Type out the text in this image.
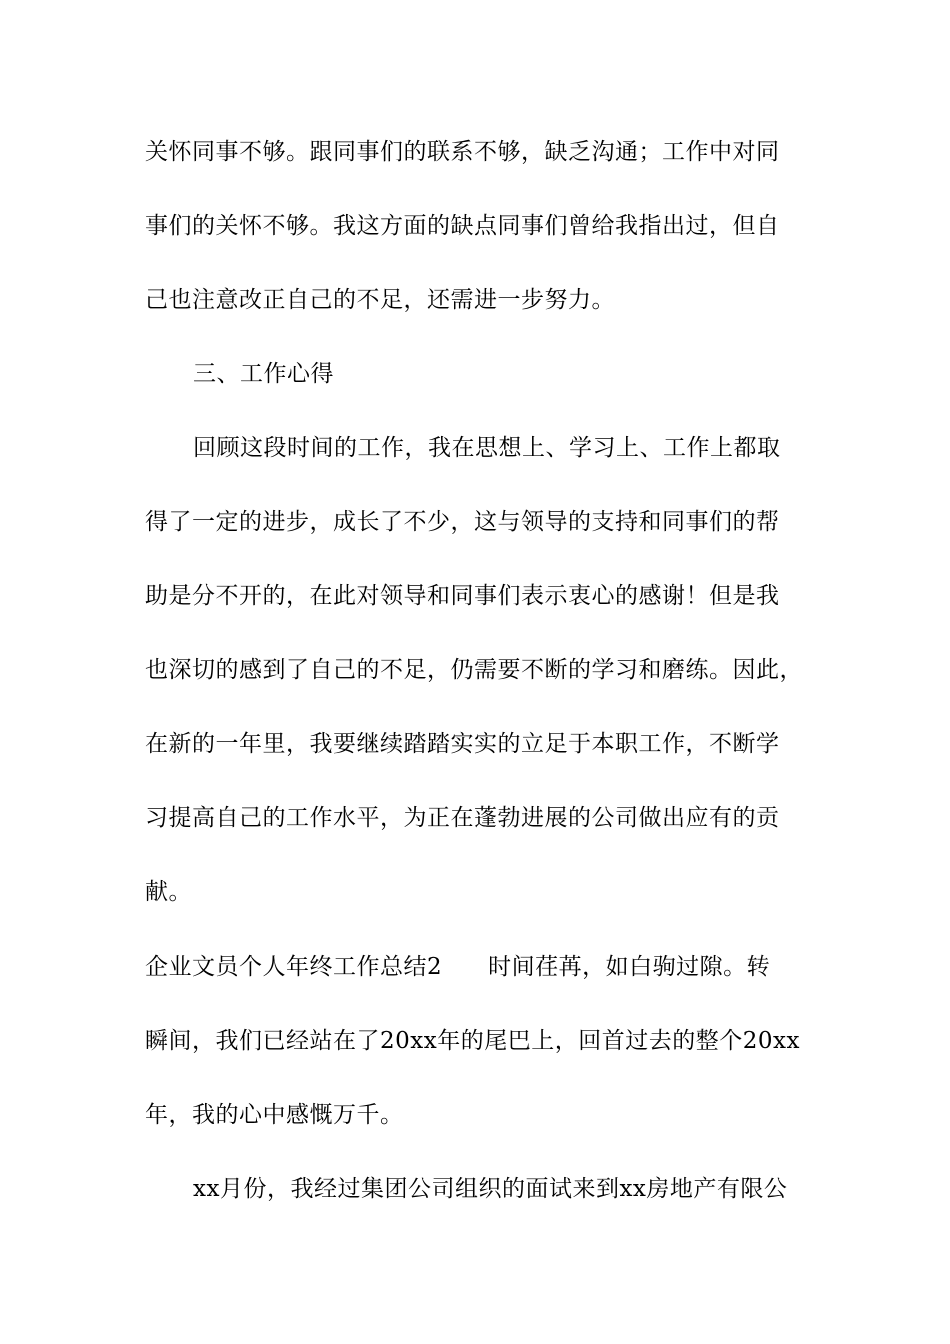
关怀同事不够。跟同事们的联系不够，缺乏沟通；工作中对同
事们的关怀不够。我这方面的缺点同事们曾给我指出过，但自
己也注意改正自己的不足，还需进一步努力。
三、工作心得
回顾这段时间的工作，我在思想上、学习上、工作上都取
得了一定的进步，成长了不少，这与领导的支持和同事们的帮
助是分不开的，在此对领导和同事们表示衷心的感谢！但是我
也深切的感到了自己的不足，仍需要不断的学习和磨练。因此，
在新的一年里，我要继续踏踏实实的立足于本职工作，不断学
习提高自己的工作水平，为正在蓬勃进展的公司做出应有的贡
献。
企业文员个人年终工作总结2 时间荏苒，如白驹过隙。转
瞬间，我们已经站在了20xx年的尾巴上，回首过去的整个20xx
年，我的心中感慨万千。
xx月份，我经过集团公司组织的面试来到xx房地产有限公
